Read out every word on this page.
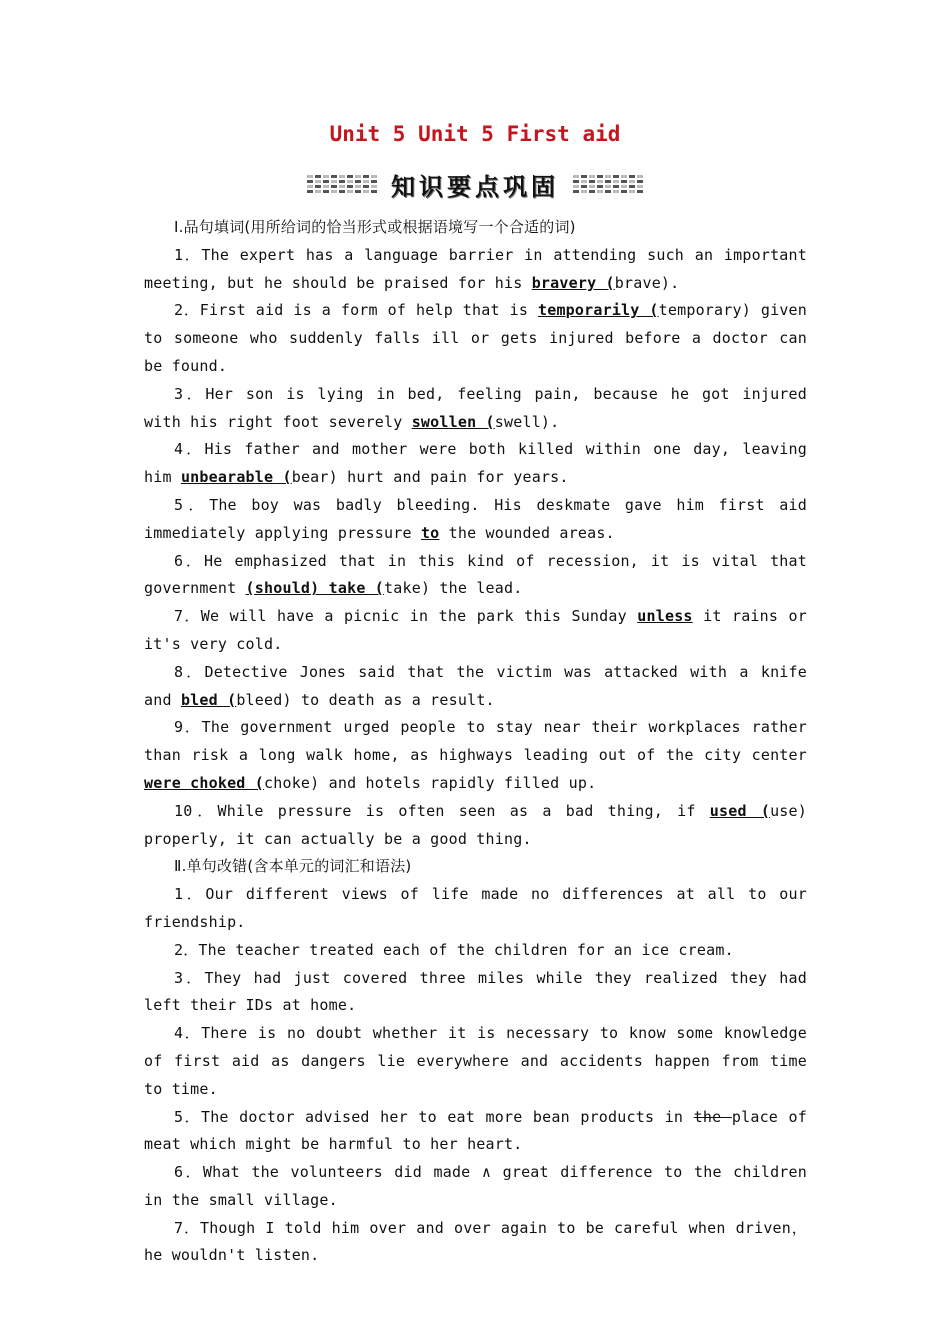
Unit 5 Unit 5 First aid
知识要点巩固

Ⅰ.品句填词(用所给词的恰当形式或根据语境写一个合适的词)

1．The expert has a language barrier in attending such an important meeting, but he should be praised for his bravery (brave).

2．First aid is a form of help that is temporarily (temporary) given to someone who suddenly falls ill or gets injured before a doctor can be found.

3．Her son is lying in bed, feeling pain, because he got injured with his right foot severely swollen (swell).

4．His father and mother were both killed within one day, leaving him unbearable (bear) hurt and pain for years.

5．The boy was badly bleeding. His deskmate gave him first aid immediately applying pressure to the wounded areas.

6．He emphasized that in this kind of recession, it is vital that government (should) take (take) the lead.

7．We will have a picnic in the park this Sunday unless it rains or it's very cold.

8．Detective Jones said that the victim was attacked with a knife and bled (bleed) to death as a result.

9．The government urged people to stay near their workplaces rather than risk a long walk home, as highways leading out of the city center were choked (choke) and hotels rapidly filled up.

10．While pressure is often seen as a bad thing, if used (use) properly, it can actually be a good thing.

Ⅱ.单句改错(含本单元的词汇和语法)

1．Our different views of life made no differences at all to our friendship.

2．The teacher treated each of the children for an ice cream.

3．They had just covered three miles while they realized they had left their IDs at home.

4．There is no doubt whether it is necessary to know some knowledge of first aid as dangers lie everywhere and accidents happen from time to time.

5．The doctor advised her to eat more bean products in the place of meat which might be harmful to her heart.

6．What the volunteers did made ∧ great difference to the children in the small village.

7．Though I told him over and over again to be careful when driven， he wouldn't listen.
